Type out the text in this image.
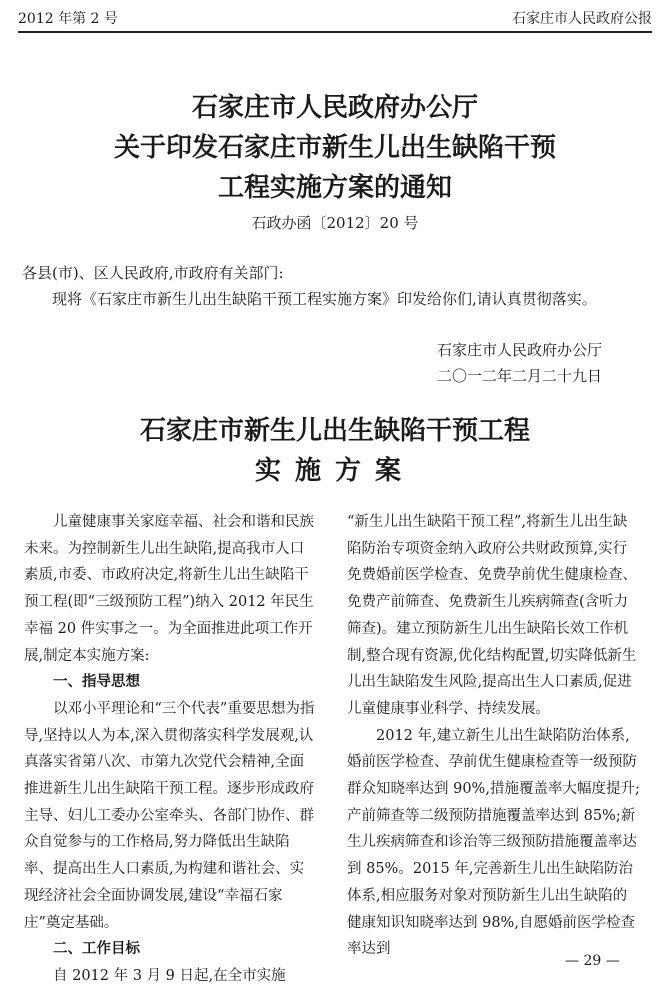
2012 年第 2 号	石家庄市人民政府公报
石家庄市人民政府办公厅
关于印发石家庄市新生儿出生缺陷干预
工程实施方案的通知
石政办函〔2012〕20 号
各县(市)、区人民政府,市政府有关部门:
现将《石家庄市新生儿出生缺陷干预工程实施方案》印发给你们,请认真贯彻落实。
石家庄市人民政府办公厅
二〇一二年二月二十九日
石家庄市新生儿出生缺陷干预工程
实施方案

儿童健康事关家庭幸福、社会和谐和民族未来。为控制新生儿出生缺陷,提高我市人口素质,市委、市政府决定,将新生儿出生缺陷干预工程(即“三级预防工程”)纳入 2012 年民生幸福 20 件实事之一。为全面推进此项工作开展,制定本实施方案:

一、指导思想

以邓小平理论和“三个代表”重要思想为指导,坚持以人为本,深入贯彻落实科学发展观,认真落实省第八次、市第九次党代会精神,全面推进新生儿出生缺陷干预工程。逐步形成政府主导、妇儿工委办公室牵头、各部门协作、群众自觉参与的工作格局,努力降低出生缺陷率、提高出生人口素质,为构建和谐社会、实现经济社会全面协调发展,建设“幸福石家庄”奠定基础。

二、工作目标

自 2012 年 3 月 9 日起,在全市实施

“新生儿出生缺陷干预工程”,将新生儿出生缺陷防治专项资金纳入政府公共财政预算,实行免费婚前医学检查、免费孕前优生健康检查、免费产前筛查、免费新生儿疾病筛查(含听力筛查)。建立预防新生儿出生缺陷长效工作机制,整合现有资源,优化结构配置,切实降低新生儿出生缺陷发生风险,提高出生人口素质,促进儿童健康事业科学、持续发展。

2012 年,建立新生儿出生缺陷防治体系,婚前医学检查、孕前优生健康检查等一级预防群众知晓率达到 90%,措施覆盖率大幅度提升;产前筛查等二级预防措施覆盖率达到 85%;新生儿疾病筛查和诊治等三级预防措施覆盖率达到 85%。2015 年,完善新生儿出生缺陷防治体系,相应服务对象对预防新生儿出生缺陷的健康知识知晓率达到 98%,自愿婚前医学检查率达到

— 29 —
